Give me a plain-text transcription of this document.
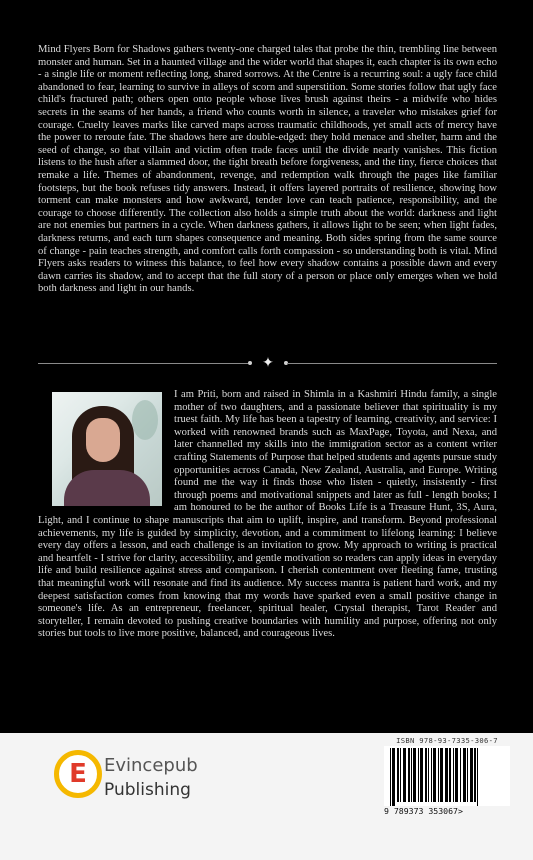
Mind Flyers Born for Shadows gathers twenty-one charged tales that probe the thin, trembling line between monster and human. Set in a haunted village and the wider world that shapes it, each chapter is its own echo - a single life or moment reflecting long, shared sorrows. At the Centre is a recurring soul: a ugly face child abandoned to fear, learning to survive in alleys of scorn and superstition. Some stories follow that ugly face child's fractured path; others open onto people whose lives brush against theirs - a midwife who hides secrets in the seams of her hands, a friend who counts worth in silence, a traveler who mistakes grief for courage. Cruelty leaves marks like carved maps across traumatic childhoods, yet small acts of mercy have the power to reroute fate. The shadows here are double-edged: they hold menace and shelter, harm and the seed of change, so that villain and victim often trade faces until the divide nearly vanishes. This fiction listens to the hush after a slammed door, the tight breath before forgiveness, and the tiny, fierce choices that remake a life. Themes of abandonment, revenge, and redemption walk through the pages like familiar footsteps, but the book refuses tidy answers. Instead, it offers layered portraits of resilience, showing how torment can make monsters and how awkward, tender love can teach patience, responsibility, and the courage to choose differently. The collection also holds a simple truth about the world: darkness and light are not enemies but partners in a cycle. When darkness gathers, it allows light to be seen; when light fades, darkness returns, and each turn shapes consequence and meaning. Both sides spring from the same source of change - pain teaches strength, and comfort calls forth compassion - so understanding both is vital. Mind Flyers asks readers to witness this balance, to feel how every shadow contains a possible dawn and every dawn carries its shadow, and to accept that the full story of a person or place only emerges when we hold both darkness and light in our hands.
✦
I am Priti, born and raised in Shimla in a Kashmiri Hindu family, a single mother of two daughters, and a passionate believer that spirituality is my truest faith. My life has been a tapestry of learning, creativity, and service: I worked with renowned brands such as MaxPage, Toyota, and Nexa, and later channelled my skills into the immigration sector as a content writer crafting Statements of Purpose that helped students and agents pursue study opportunities across Canada, New Zealand, Australia, and Europe. Writing found me the way it finds those who listen - quietly, insistently - first through poems and motivational snippets and later as full - length books; I am honoured to be the author of Books Life is a Treasure Hunt, 3S, Aura, Light, and I continue to shape manuscripts that aim to uplift, inspire, and transform. Beyond professional achievements, my life is guided by simplicity, devotion, and a commitment to lifelong learning: I believe every day offers a lesson, and each challenge is an invitation to grow. My approach to writing is practical and heartfelt - I strive for clarity, accessibility, and gentle motivation so readers can apply ideas in everyday life and build resilience against stress and comparison. I cherish contentment over fleeting fame, trusting that meaningful work will resonate and find its audience. My success mantra is patient hard work, and my deepest satisfaction comes from knowing that my words have sparked even a small positive change in someone's life. As an entrepreneur, freelancer, spiritual healer, Crystal therapist, Tarot Reader and storyteller, I remain devoted to pushing creative boundaries with humility and purpose, offering not only stories but tools to live more positive, balanced, and courageous lives.
E Evincepub
Publishing
ISBN 978-93-7335-306-7
9 789373 353067>
